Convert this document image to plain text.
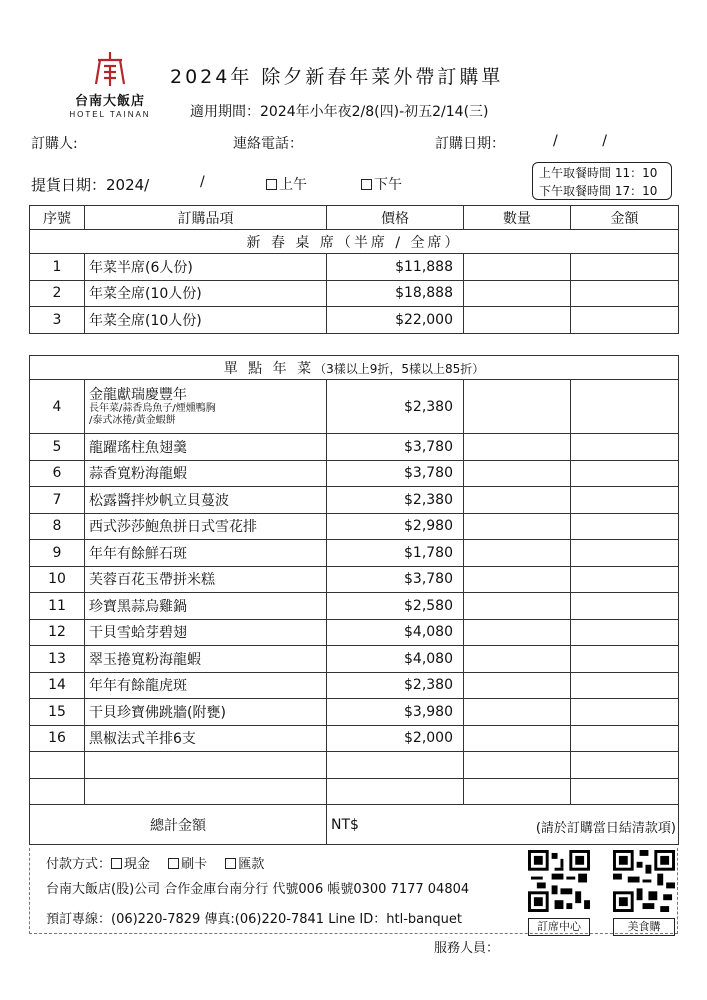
台南大飯店
HOTEL TAINAN
2024年 除夕新春年菜外帶訂購單
適用期間：2024年小年夜2/8(四)-初五2/14(三)
訂購人:	連絡電話：	訂購日期：	/          /
提貨日期：2024/	/	上午	下午
上午取餐時間 11：10
下午取餐時間 17：10
序號	訂購品項	價格	數量	金額
新 春 桌 席（半席 / 全席）				
1	年菜半席(6人份)	$11,888		
2	年菜全席(10人份)	$18,888		
3	年菜全席(10人份)	$22,000		
單 點 年 菜（3樣以上9折，5樣以上85折）				
4	金龍獻瑞慶豐年
長年菜/蒜香烏魚子/煙燻鴨胸
/泰式冰捲/黃金蝦餅	$2,380		
5	龍躍瑤柱魚翅羹	$3,780		
6	蒜香寬粉海龍蝦	$3,780		
7	松露醬拌炒帆立貝蔓波	$2,380		
8	西式莎莎鮑魚拼日式雪花排	$2,980		
9	年年有餘鮮石斑	$1,780		
10	芙蓉百花玉帶拼米糕	$3,780		
11	珍寶黑蒜烏雞鍋	$2,580		
12	干貝雪蛤芽碧翅	$4,080		
13	翠玉捲寬粉海龍蝦	$4,080		
14	年年有餘龍虎斑	$2,380		
15	干貝珍寶佛跳牆(附甕)	$3,980		
16	黑椒法式羊排6支	$2,000		

總計金額		NT$ (請於訂購當日結清款項)		
付款方式： 現金 刷卡 匯款
台南大飯店(股)公司 合作金庫台南分行 代號006 帳號0300 7177 04804
預訂專線：(06)220-7829 傳真:(06)220-7841 Line ID：htl-banquet	訂席中心	美食購
服務人員：
